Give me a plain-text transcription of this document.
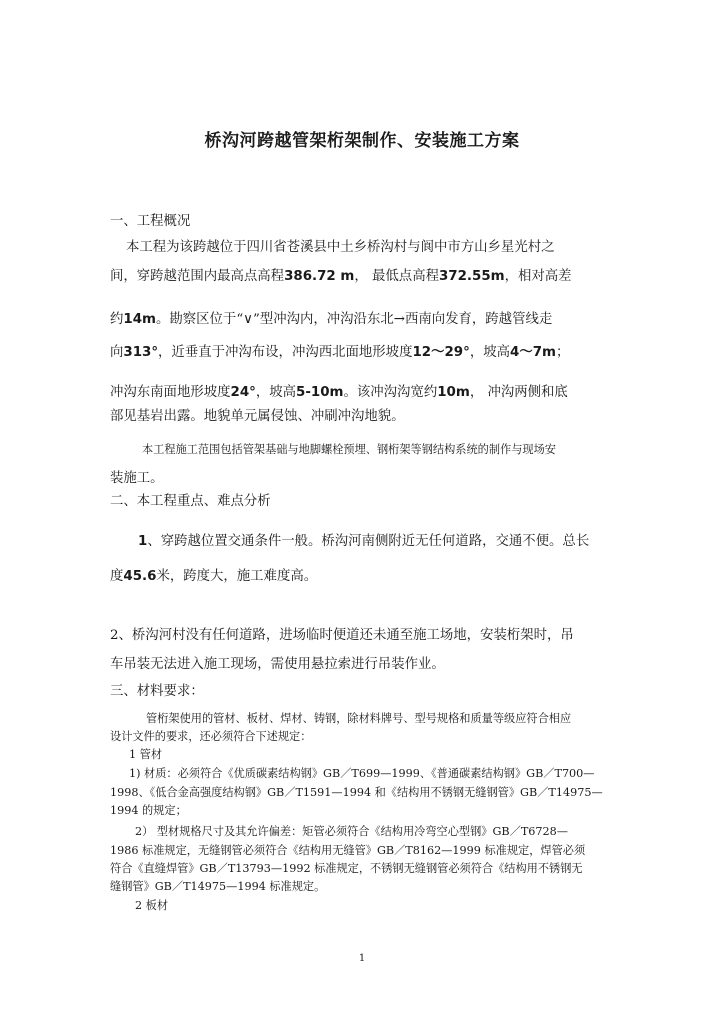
桥沟河跨越管架桁架制作、安装施工方案
一、工程概况
本工程为该跨越位于四川省苍溪县中土乡桥沟村与阆中市方山乡星光村之
间，穿跨越范围内最高点高程386.72 m， 最低点高程372.55m，相对高差
约14m。勘察区位于“∨”型冲沟内，冲沟沿东北→西南向发育，跨越管线走
向313°，近垂直于冲沟布设，冲沟西北面地形坡度12～29°，坡高4～7m；
冲沟东南面地形坡度24°，坡高5-10m。该冲沟沟宽约10m， 冲沟两侧和底
部见基岩出露。地貌单元属侵蚀、冲刷冲沟地貌。
本工程施工范围包括管架基础与地脚螺栓预埋、钢桁架等钢结构系统的制作与现场安
装施工。
二、本工程重点、难点分析
1、穿跨越位置交通条件一般。桥沟河南侧附近无任何道路，交通不便。总长
度45.6米，跨度大，施工难度高。
2、桥沟河村没有任何道路，进场临时便道还未通至施工场地，安装桁架时，吊
车吊装无法进入施工现场，需使用悬拉索进行吊装作业。
三、材料要求：
管桁架使用的管材、板材、焊材、铸钢，除材料牌号、型号规格和质量等级应符合相应
设计文件的要求，还必须符合下述规定：
1 管材
1) 材质：必须符合《优质碳素结构钢》GB／T699—1999、《普通碳素结构钢》GB／T700—
1998、《低合金高强度结构钢》GB／T1591—1994 和《结构用不锈钢无缝钢管》GB／T14975—
1994 的规定；
2） 型材规格尺寸及其允许偏差：矩管必须符合《结构用冷弯空心型钢》GB／T6728—
1986 标准规定，无缝钢管必须符合《结构用无缝管》GB／T8162—1999 标准规定，焊管必须
符合《直缝焊管》GB／T13793—1992 标准规定，不锈钢无缝钢管必须符合《结构用不锈钢无
缝钢管》GB／T14975—1994 标准规定。
2 板材
1
